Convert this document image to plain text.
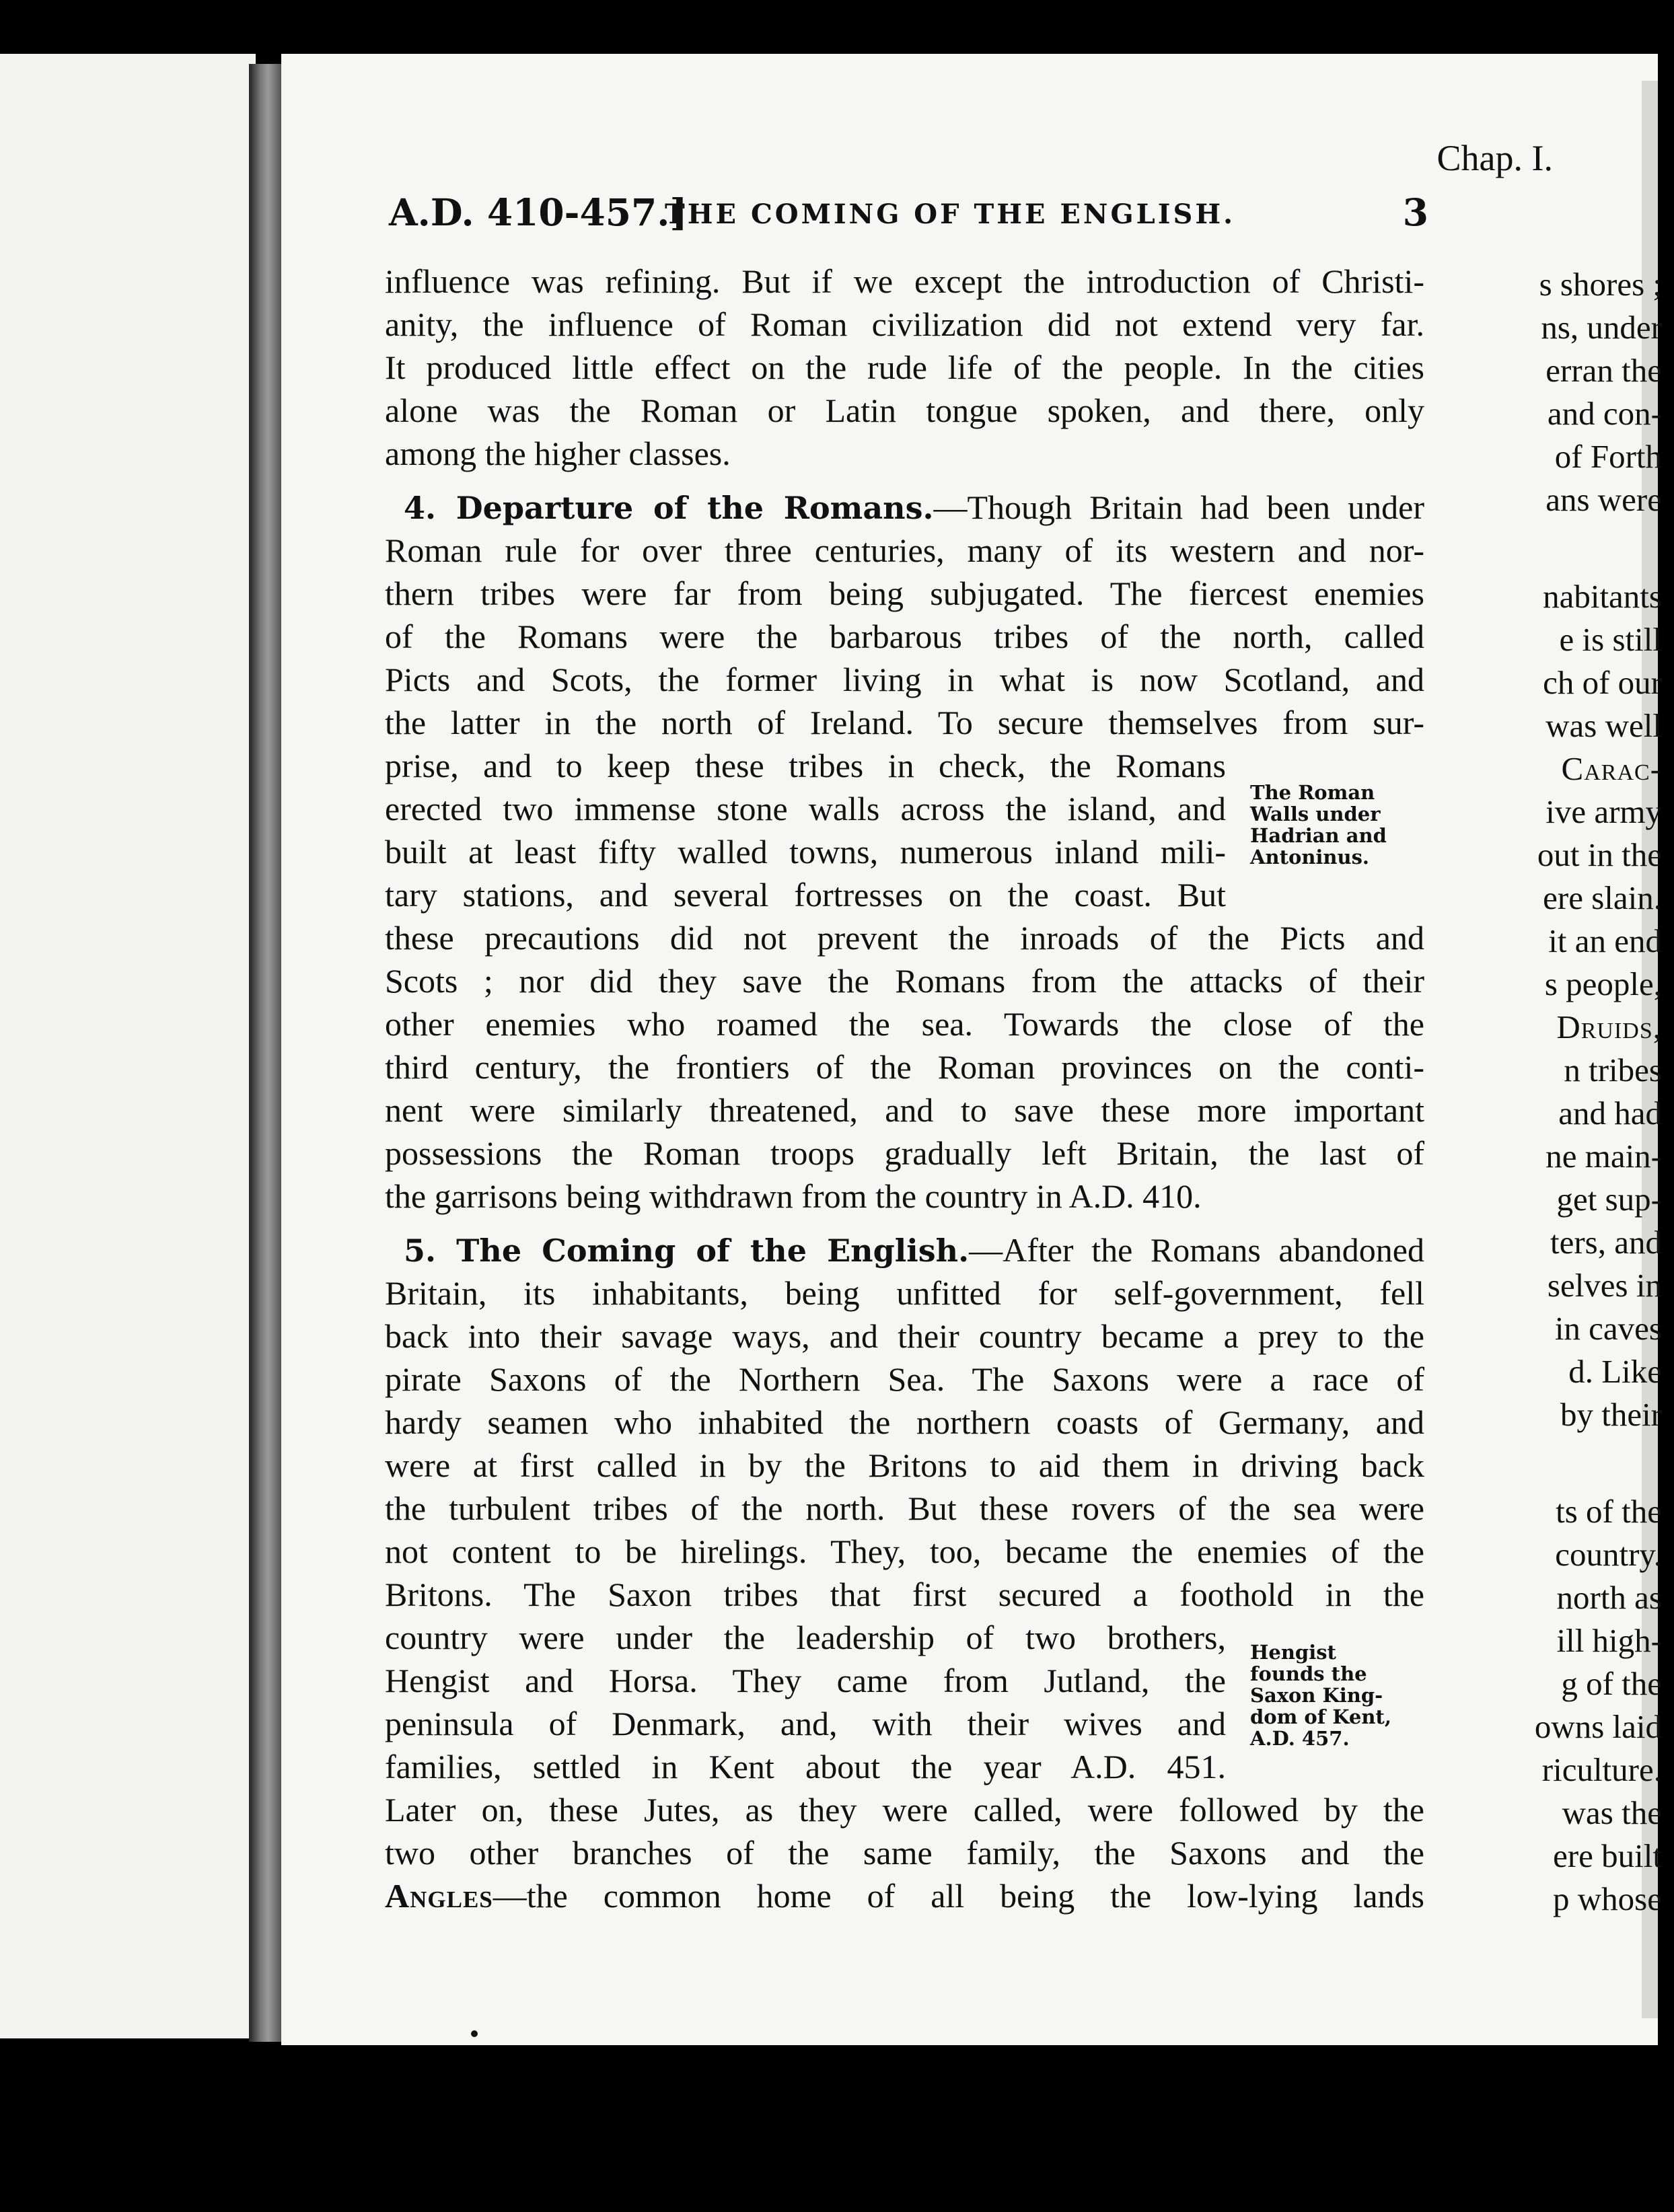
Chap. I.
s shores ;
ns, under
erran the
and con-
of Forth
ans were
nabitants
e is still
ch of our
was well
Carac-
ive army
out in the
ere slain.
it an end
s people,
Druids,
n tribes
and had
ne main-
get sup-
ters, and
selves in
in caves
d. Like
by their
ts of the
country.
north as
ill high-
g of the
owns laid
riculture.
was the
ere built
p whose
A.D. 410-457.]
THE COMING OF THE ENGLISH.	3
influence was refining. But if we except the introduction of Christi-
anity, the influence of Roman civilization did not extend very far.
It produced little effect on the rude life of the people. In the cities
alone was the Roman or Latin tongue spoken, and there, only
among the higher classes.
4. Departure of the Romans.—Though Britain had been under
Roman rule for over three centuries, many of its western and nor-
thern tribes were far from being subjugated. The fiercest enemies
of the Romans were the barbarous tribes of the north, called
Picts and Scots, the former living in what is now Scotland, and
the latter in the north of Ireland. To secure themselves from sur-
prise, and to keep these tribes in check, the Romans
erected two immense stone walls across the island, and
built at least fifty walled towns, numerous inland mili-
tary stations, and several fortresses on the coast. But
these precautions did not prevent the inroads of the Picts and
Scots ; nor did they save the Romans from the attacks of their
other enemies who roamed the sea. Towards the close of the
third century, the frontiers of the Roman provinces on the conti-
nent were similarly threatened, and to save these more important
possessions the Roman troops gradually left Britain, the last of
the garrisons being withdrawn from the country in A.D. 410.
5. The Coming of the English.—After the Romans abandoned
Britain, its inhabitants, being unfitted for self-government, fell
back into their savage ways, and their country became a prey to the
pirate Saxons of the Northern Sea. The Saxons were a race of
hardy seamen who inhabited the northern coasts of Germany, and
were at first called in by the Britons to aid them in driving back
the turbulent tribes of the north. But these rovers of the sea were
not content to be hirelings. They, too, became the enemies of the
Britons. The Saxon tribes that first secured a foothold in the
country were under the leadership of two brothers,
Hengist and Horsa. They came from Jutland, the
peninsula of Denmark, and, with their wives and
families, settled in Kent about the year A.D. 451.
Later on, these Jutes, as they were called, were followed by the
two other branches of the same family, the Saxons and the
Angles—the common home of all being the low-lying lands
The Roman
Walls under
Hadrian and
Antoninus.
Hengist
founds the
Saxon King-
dom of Kent,
A.D. 457.
